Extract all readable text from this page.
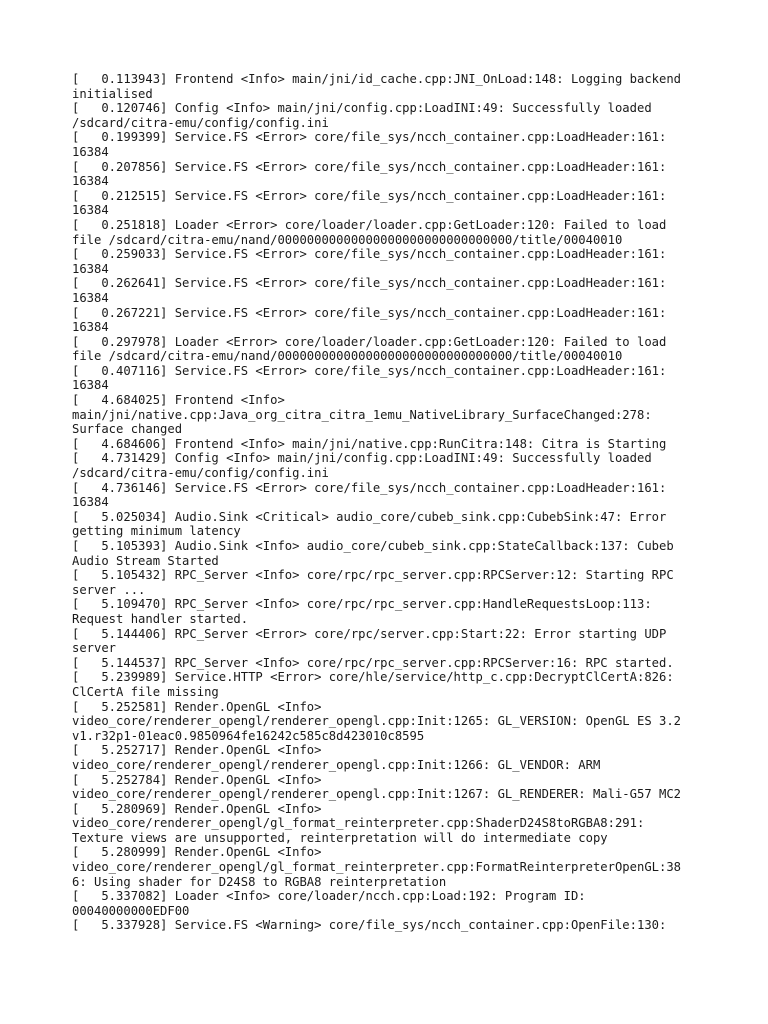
[   0.113943] Frontend <Info> main/jni/id_cache.cpp:JNI_OnLoad:148: Logging backend
initialised
[   0.120746] Config <Info> main/jni/config.cpp:LoadINI:49: Successfully loaded
/sdcard/citra-emu/config/config.ini
[   0.199399] Service.FS <Error> core/file_sys/ncch_container.cpp:LoadHeader:161:
16384
[   0.207856] Service.FS <Error> core/file_sys/ncch_container.cpp:LoadHeader:161:
16384
[   0.212515] Service.FS <Error> core/file_sys/ncch_container.cpp:LoadHeader:161:
16384
[   0.251818] Loader <Error> core/loader/loader.cpp:GetLoader:120: Failed to load
file /sdcard/citra-emu/nand/00000000000000000000000000000000/title/00040010
[   0.259033] Service.FS <Error> core/file_sys/ncch_container.cpp:LoadHeader:161:
16384
[   0.262641] Service.FS <Error> core/file_sys/ncch_container.cpp:LoadHeader:161:
16384
[   0.267221] Service.FS <Error> core/file_sys/ncch_container.cpp:LoadHeader:161:
16384
[   0.297978] Loader <Error> core/loader/loader.cpp:GetLoader:120: Failed to load
file /sdcard/citra-emu/nand/00000000000000000000000000000000/title/00040010
[   0.407116] Service.FS <Error> core/file_sys/ncch_container.cpp:LoadHeader:161:
16384
[   4.684025] Frontend <Info>
main/jni/native.cpp:Java_org_citra_citra_1emu_NativeLibrary_SurfaceChanged:278:
Surface changed
[   4.684606] Frontend <Info> main/jni/native.cpp:RunCitra:148: Citra is Starting
[   4.731429] Config <Info> main/jni/config.cpp:LoadINI:49: Successfully loaded
/sdcard/citra-emu/config/config.ini
[   4.736146] Service.FS <Error> core/file_sys/ncch_container.cpp:LoadHeader:161:
16384
[   5.025034] Audio.Sink <Critical> audio_core/cubeb_sink.cpp:CubebSink:47: Error
getting minimum latency
[   5.105393] Audio.Sink <Info> audio_core/cubeb_sink.cpp:StateCallback:137: Cubeb
Audio Stream Started
[   5.105432] RPC_Server <Info> core/rpc/rpc_server.cpp:RPCServer:12: Starting RPC
server ...
[   5.109470] RPC_Server <Info> core/rpc/rpc_server.cpp:HandleRequestsLoop:113:
Request handler started.
[   5.144406] RPC_Server <Error> core/rpc/server.cpp:Start:22: Error starting UDP
server
[   5.144537] RPC_Server <Info> core/rpc/rpc_server.cpp:RPCServer:16: RPC started.
[   5.239989] Service.HTTP <Error> core/hle/service/http_c.cpp:DecryptClCertA:826:
ClCertA file missing
[   5.252581] Render.OpenGL <Info>
video_core/renderer_opengl/renderer_opengl.cpp:Init:1265: GL_VERSION: OpenGL ES 3.2
v1.r32p1-01eac0.9850964fe16242c585c8d423010c8595
[   5.252717] Render.OpenGL <Info>
video_core/renderer_opengl/renderer_opengl.cpp:Init:1266: GL_VENDOR: ARM
[   5.252784] Render.OpenGL <Info>
video_core/renderer_opengl/renderer_opengl.cpp:Init:1267: GL_RENDERER: Mali-G57 MC2
[   5.280969] Render.OpenGL <Info>
video_core/renderer_opengl/gl_format_reinterpreter.cpp:ShaderD24S8toRGBA8:291:
Texture views are unsupported, reinterpretation will do intermediate copy
[   5.280999] Render.OpenGL <Info>
video_core/renderer_opengl/gl_format_reinterpreter.cpp:FormatReinterpreterOpenGL:38
6: Using shader for D24S8 to RGBA8 reinterpretation
[   5.337082] Loader <Info> core/loader/ncch.cpp:Load:192: Program ID:
00040000000EDF00
[   5.337928] Service.FS <Warning> core/file_sys/ncch_container.cpp:OpenFile:130:
